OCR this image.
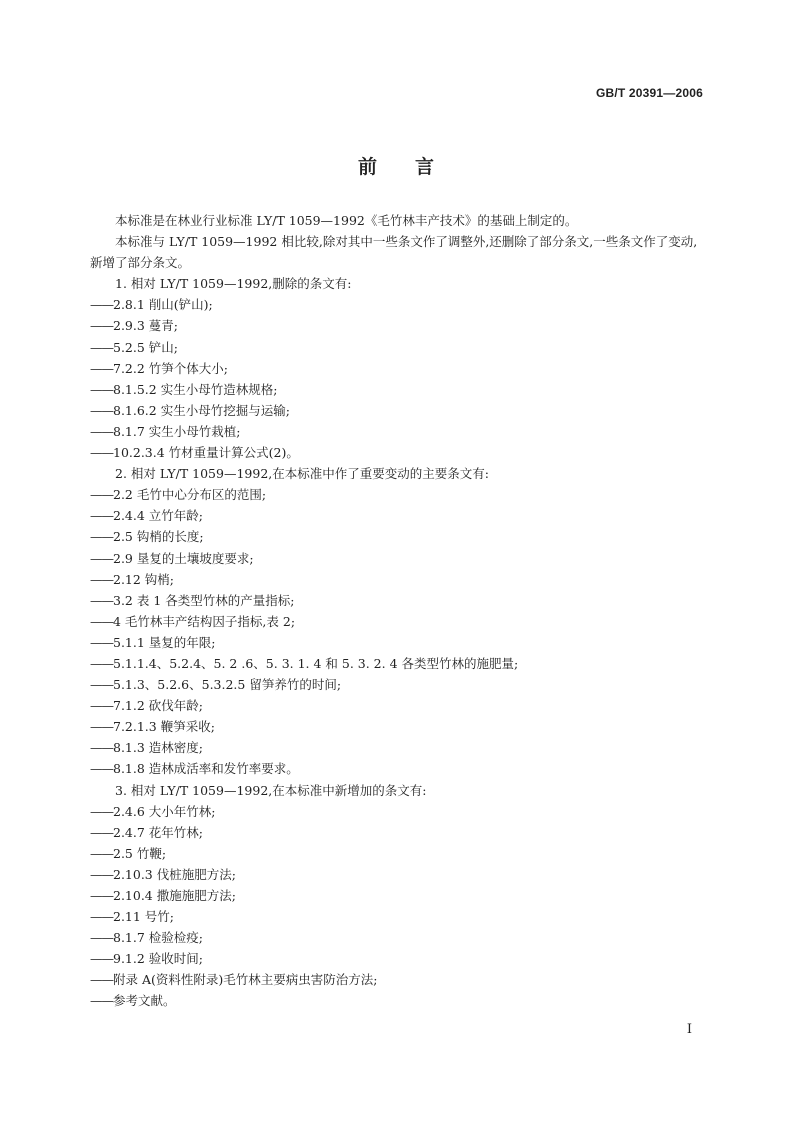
GB/T 20391—2006
前 言
本标准是在林业行业标准 LY/T 1059—1992《毛竹林丰产技术》的基础上制定的。
本标准与 LY/T 1059—1992 相比较,除对其中一些条文作了调整外,还删除了部分条文,一些条文作了变动,新增了部分条文。
1. 相对 LY/T 1059—1992,删除的条文有:
——2.8.1 削山(铲山);
——2.9.3 蔓青;
——5.2.5 铲山;
——7.2.2 竹笋个体大小;
——8.1.5.2 实生小母竹造林规格;
——8.1.6.2 实生小母竹挖掘与运输;
——8.1.7 实生小母竹栽植;
——10.2.3.4 竹材重量计算公式(2)。
2. 相对 LY/T 1059—1992,在本标准中作了重要变动的主要条文有:
——2.2 毛竹中心分布区的范围;
——2.4.4 立竹年龄;
——2.5 钩梢的长度;
——2.9 垦复的土壤坡度要求;
——2.12 钩梢;
——3.2 表 1 各类型竹林的产量指标;
——4 毛竹林丰产结构因子指标,表 2;
——5.1.1 垦复的年限;
——5.1.1.4、5.2.4、5. 2 .6、5. 3. 1. 4 和 5. 3. 2. 4 各类型竹林的施肥量;
——5.1.3、5.2.6、5.3.2.5 留笋养竹的时间;
——7.1.2 砍伐年龄;
——7.2.1.3 鞭笋采收;
——8.1.3 造林密度;
——8.1.8 造林成活率和发竹率要求。
3. 相对 LY/T 1059—1992,在本标准中新增加的条文有:
——2.4.6 大小年竹林;
——2.4.7 花年竹林;
——2.5 竹鞭;
——2.10.3 伐桩施肥方法;
——2.10.4 撒施施肥方法;
——2.11 号竹;
——8.1.7 检验检疫;
——9.1.2 验收时间;
——附录 A(资料性附录)毛竹林主要病虫害防治方法;
——参考文献。
I
